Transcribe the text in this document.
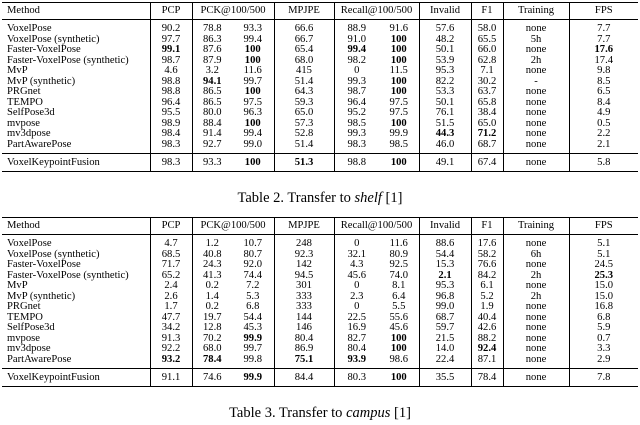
Method	PCP	PCK@100/500		MPJPE	Recall@100/500		Invalid	F1	Training	FPS
VoxelPose	90.2	78.8	93.3	66.6	88.9	91.6	57.6	58.0	none	7.7
VoxelPose (synthetic)	97.7	86.3	99.4	66.7	91.0	100	48.2	65.5	5h	7.7
Faster-VoxelPose	99.1	87.6	100	65.4	99.4	100	50.1	66.0	none	17.6
Faster-VoxelPose (synthetic)	98.7	87.9	100	68.0	98.2	100	53.9	62.8	2h	17.4
MvP	4.6	3.2	11.6	415	0	11.5	95.3	7.1	none	9.8
MvP (synthetic)	98.8	94.1	99.7	51.4	99.3	100	82.2	30.2	-	8.5
PRGnet	98.8	86.5	100	64.3	98.7	100	53.3	63.7	none	6.5
TEMPO	96.4	86.5	97.5	59.3	96.4	97.5	50.1	65.8	none	8.4
SelfPose3d	95.5	80.0	96.3	65.0	95.2	97.5	76.1	38.4	none	4.9
mvpose	98.9	88.4	100	57.3	98.5	100	51.5	65.0	none	0.5
mv3dpose	98.4	91.4	99.4	52.8	99.3	99.9	44.3	71.2	none	2.2
PartAwarePose	98.3	92.7	99.0	51.4	98.3	98.5	46.0	68.7	none	2.1
VoxelKeypointFusion	98.3	93.3	100	51.3	98.8	100	49.1	67.4	none	5.8
Table 2. Transfer to shelf [1]
Method	PCP	PCK@100/500		MPJPE	Recall@100/500		Invalid	F1	Training	FPS
VoxelPose	4.7	1.2	10.7	248	0	11.6	88.6	17.6	none	5.1
VoxelPose (synthetic)	68.5	40.8	80.7	92.3	32.1	80.9	54.4	58.2	6h	5.1
Faster-VoxelPose	71.7	24.3	92.0	142	4.3	92.5	15.3	76.6	none	24.5
Faster-VoxelPose (synthetic)	65.2	41.3	74.4	94.5	45.6	74.0	2.1	84.2	2h	25.3
MvP	2.4	0.2	7.2	301	0	8.1	95.3	6.1	none	15.0
MvP (synthetic)	2.6	1.4	5.3	333	2.3	6.4	96.8	5.2	2h	15.0
PRGnet	1.7	0.2	6.8	333	0	5.5	99.0	1.9	none	16.8
TEMPO	47.7	19.7	54.4	144	22.5	55.6	68.7	40.4	none	6.8
SelfPose3d	34.2	12.8	45.3	146	16.9	45.6	59.7	42.6	none	5.9
mvpose	91.3	70.2	99.9	80.4	82.7	100	21.5	88.2	none	0.7
mv3dpose	92.2	68.0	99.7	86.9	80.4	100	14.0	92.4	none	3.3
PartAwarePose	93.2	78.4	99.8	75.1	93.9	98.6	22.4	87.1	none	2.9
VoxelKeypointFusion	91.1	74.6	99.9	84.4	80.3	100	35.5	78.4	none	7.8
Table 3. Transfer to campus [1]
